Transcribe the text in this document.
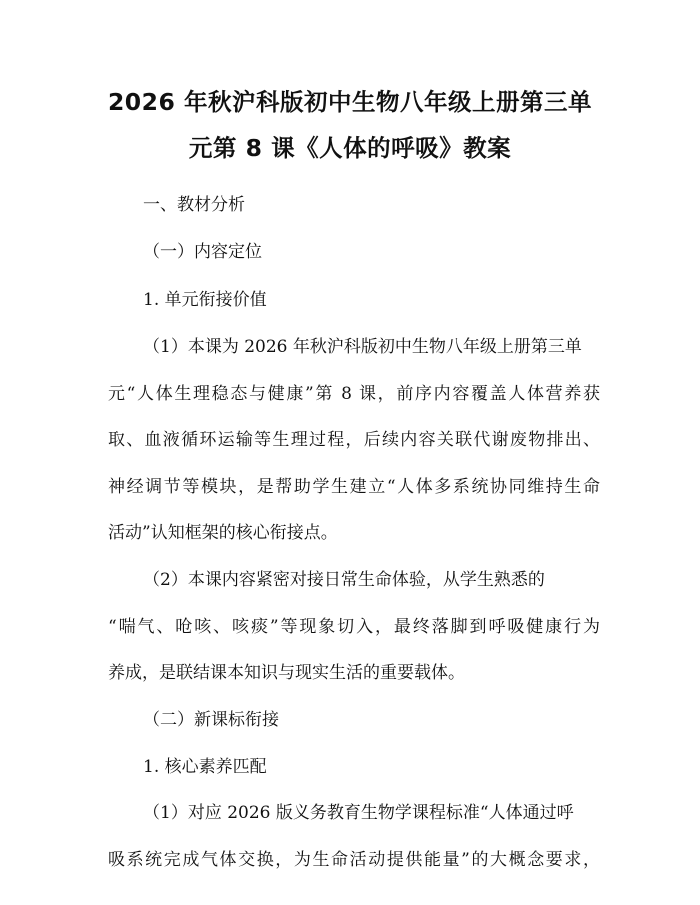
2026 年秋沪科版初中生物八年级上册第三单
元第 8 课《人体的呼吸》教案

一、教材分析

（一）内容定位

1. 单元衔接价值

（1）本课为 2026 年秋沪科版初中生物八年级上册第三单

元“人体生理稳态与健康”第 8 课，前序内容覆盖人体营养获

取、血液循环运输等生理过程，后续内容关联代谢废物排出、

神经调节等模块，是帮助学生建立“人体多系统协同维持生命

活动”认知框架的核心衔接点。

（2）本课内容紧密对接日常生命体验，从学生熟悉的

“喘气、呛咳、咳痰”等现象切入，最终落脚到呼吸健康行为

养成，是联结课本知识与现实生活的重要载体。

（二）新课标衔接

1. 核心素养匹配

（1）对应 2026 版义务教育生物学课程标准“人体通过呼

吸系统完成气体交换，为生命活动提供能量”的大概念要求，
